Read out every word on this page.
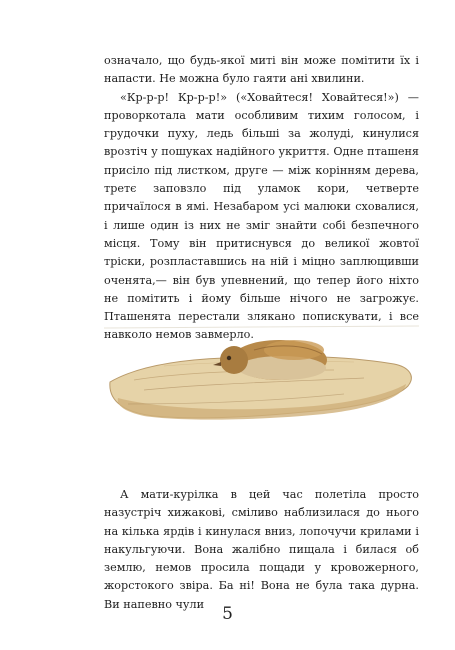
означало, що будь-якої миті він може помітити їх і напасти. Не можна було гаяти ані хвилини.

«Кр-р-р! Кр-р-р!» («Ховайтеся! Ховайтеся!») — проворкотала мати особливим тихим голосом, і грудочки пуху, ледь більші за жолуді, кинулися врозтіч у пошуках надійного укриття. Одне пташеня присіло під листком, друге — між корінням дерева, третє заповзло під уламок кори, четверте причаїлося в ямі. Незабаром усі малюки сховалися, і лише один із них не зміг знайти собі безпечного місця. Тому він притиснувся до великої жовтої тріски, розпластавшись на ній і міцно заплющивши оченята,— він був упевнений, що тепер його ніхто не помітить і йому більше нічого не загрожує. Пташенята перестали злякано попискувати, і все навколо немов завмерло.

А мати-курілка в цей час полетіла просто назустріч хижакові, сміливо наблизилася до нього на кілька ярдів і кинулася вниз, лопочучи крилами і накульгуючи. Вона жалібно пищала і билася об землю, немов просила пощади у кровожерного, жорстокого звіра. Ба ні! Вона не була така дурна. Ви напевно чули	5
